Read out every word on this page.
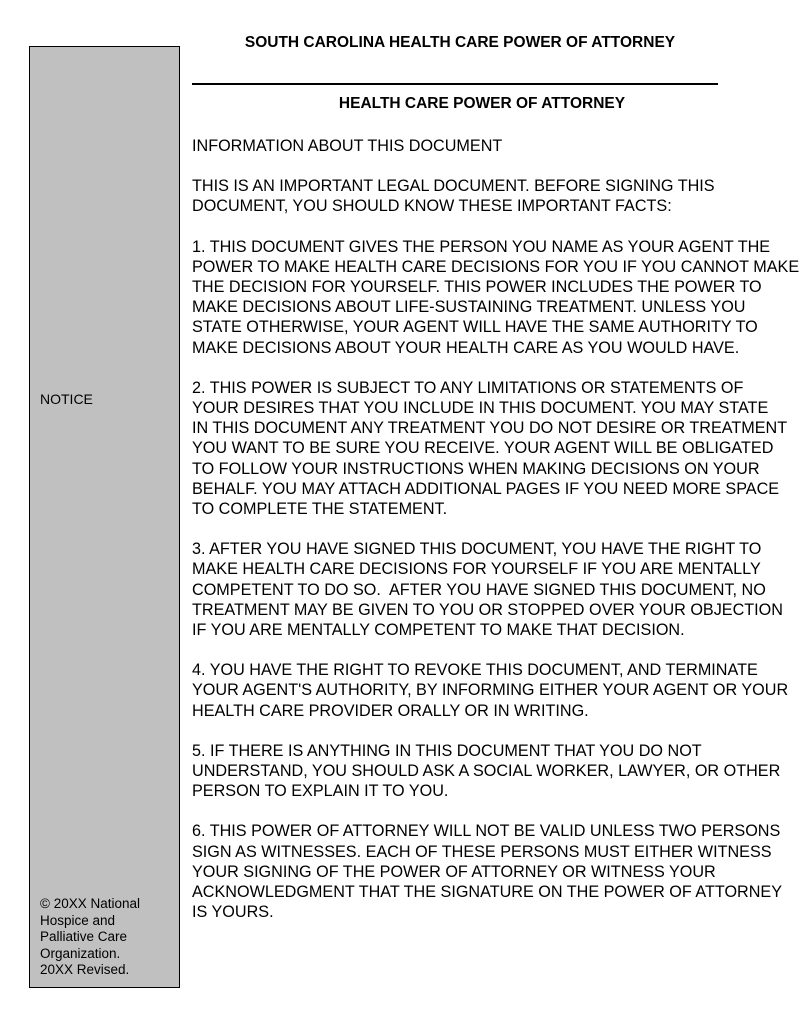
NOTICE
© 20XX National
Hospice and
Palliative Care
Organization.
20XX Revised.
SOUTH CAROLINA HEALTH CARE POWER OF ATTORNEY
HEALTH CARE POWER OF ATTORNEY

INFORMATION ABOUT THIS DOCUMENT

THIS IS AN IMPORTANT LEGAL DOCUMENT. BEFORE SIGNING THIS
DOCUMENT, YOU SHOULD KNOW THESE IMPORTANT FACTS:

1. THIS DOCUMENT GIVES THE PERSON YOU NAME AS YOUR AGENT THE
POWER TO MAKE HEALTH CARE DECISIONS FOR YOU IF YOU CANNOT MAKE
THE DECISION FOR YOURSELF. THIS POWER INCLUDES THE POWER TO
MAKE DECISIONS ABOUT LIFE-SUSTAINING TREATMENT. UNLESS YOU
STATE OTHERWISE, YOUR AGENT WILL HAVE THE SAME AUTHORITY TO
MAKE DECISIONS ABOUT YOUR HEALTH CARE AS YOU WOULD HAVE.

2. THIS POWER IS SUBJECT TO ANY LIMITATIONS OR STATEMENTS OF
YOUR DESIRES THAT YOU INCLUDE IN THIS DOCUMENT. YOU MAY STATE
IN THIS DOCUMENT ANY TREATMENT YOU DO NOT DESIRE OR TREATMENT
YOU WANT TO BE SURE YOU RECEIVE. YOUR AGENT WILL BE OBLIGATED
TO FOLLOW YOUR INSTRUCTIONS WHEN MAKING DECISIONS ON YOUR
BEHALF. YOU MAY ATTACH ADDITIONAL PAGES IF YOU NEED MORE SPACE
TO COMPLETE THE STATEMENT.

3. AFTER YOU HAVE SIGNED THIS DOCUMENT, YOU HAVE THE RIGHT TO
MAKE HEALTH CARE DECISIONS FOR YOURSELF IF YOU ARE MENTALLY
COMPETENT TO DO SO.  AFTER YOU HAVE SIGNED THIS DOCUMENT, NO
TREATMENT MAY BE GIVEN TO YOU OR STOPPED OVER YOUR OBJECTION
IF YOU ARE MENTALLY COMPETENT TO MAKE THAT DECISION.

4. YOU HAVE THE RIGHT TO REVOKE THIS DOCUMENT, AND TERMINATE
YOUR AGENT'S AUTHORITY, BY INFORMING EITHER YOUR AGENT OR YOUR
HEALTH CARE PROVIDER ORALLY OR IN WRITING.

5. IF THERE IS ANYTHING IN THIS DOCUMENT THAT YOU DO NOT
UNDERSTAND, YOU SHOULD ASK A SOCIAL WORKER, LAWYER, OR OTHER
PERSON TO EXPLAIN IT TO YOU.

6. THIS POWER OF ATTORNEY WILL NOT BE VALID UNLESS TWO PERSONS
SIGN AS WITNESSES. EACH OF THESE PERSONS MUST EITHER WITNESS
YOUR SIGNING OF THE POWER OF ATTORNEY OR WITNESS YOUR
ACKNOWLEDGMENT THAT THE SIGNATURE ON THE POWER OF ATTORNEY
IS YOURS.
